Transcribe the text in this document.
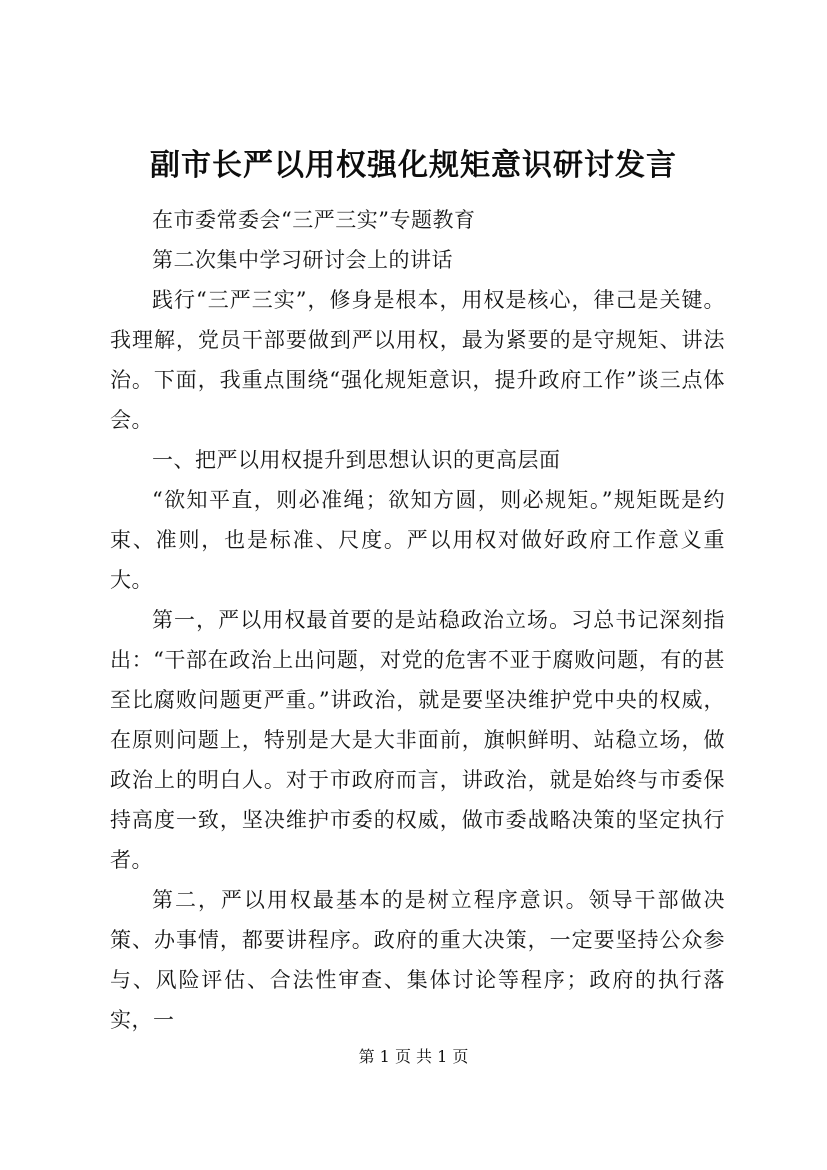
副市长严以用权强化规矩意识研讨发言

在市委常委会“三严三实”专题教育

第二次集中学习研讨会上的讲话

践行“三严三实”，修身是根本，用权是核心，律己是关键。我理解，党员干部要做到严以用权，最为紧要的是守规矩、讲法治。下面，我重点围绕“强化规矩意识，提升政府工作”谈三点体会。

一、把严以用权提升到思想认识的更高层面

“欲知平直，则必准绳；欲知方圆，则必规矩。”规矩既是约束、准则，也是标准、尺度。严以用权对做好政府工作意义重大。

第一，严以用权最首要的是站稳政治立场。习总书记深刻指出：“干部在政治上出问题，对党的危害不亚于腐败问题，有的甚至比腐败问题更严重。”讲政治，就是要坚决维护党中央的权威，在原则问题上，特别是大是大非面前，旗帜鲜明、站稳立场，做政治上的明白人。对于市政府而言，讲政治，就是始终与市委保持高度一致，坚决维护市委的权威，做市委战略决策的坚定执行者。

第二，严以用权最基本的是树立程序意识。领导干部做决策、办事情，都要讲程序。政府的重大决策，一定要坚持公众参与、风险评估、合法性审查、集体讨论等程序；政府的执行落实，一

第 1 页 共 1 页
